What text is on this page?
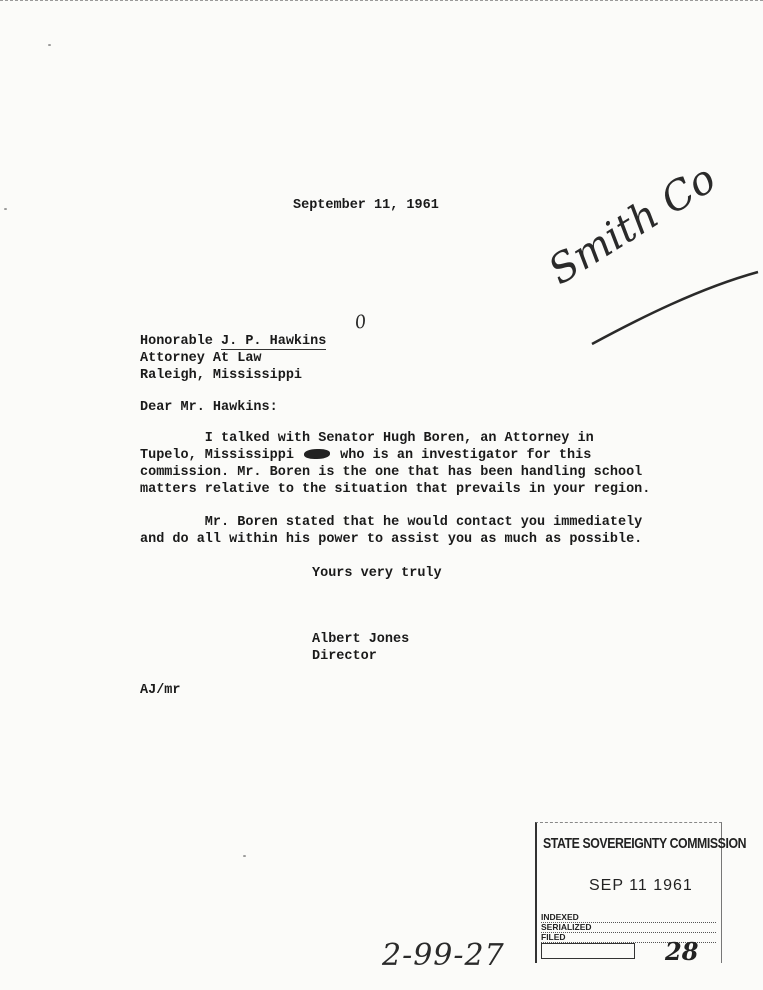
September 11, 1961
Honorable J. P. Hawkins
Attorney At Law
Raleigh, Mississippi
Dear Mr. Hawkins:
I talked with Senator Hugh Boren, an Attorney in
Tupelo, Mississippi	who is an investigator for this
commission. Mr. Boren is the one that has been handling school
matters relative to the situation that prevails in your region.
Mr. Boren stated that he would contact you immediately
and do all within his power to assist you as much as possible.
Yours very truly
Albert Jones
Director
AJ/mr
Smith Co
0
2-99-27
STATE SOVEREIGNTY COMMISSION
SEP 11 1961
INDEXED
SERIALIZED
FILED	28
